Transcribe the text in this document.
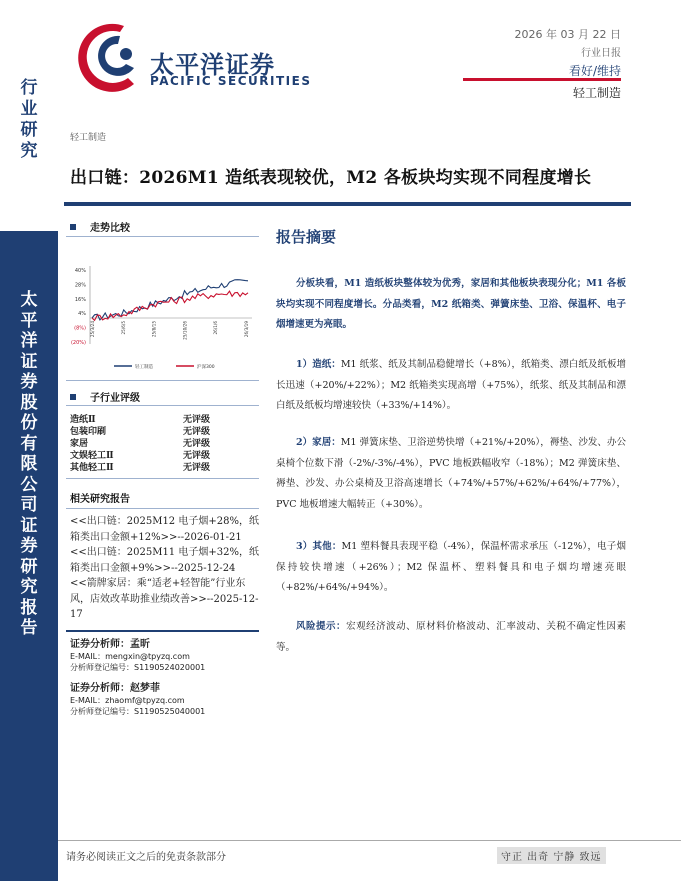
行
业
研
究
太
平
洋
证
券
股
份
有
限
公
司
证
券
研
究
报
告
太平洋证券
PACIFIC SECURITIES
2026 年 03 月 22 日
行业日报
看好/维持
轻工制造
轻工制造
出口链：2026M1 造纸表现较优，M2 各板块均实现不同程度增长
走势比较
40%
28%
16%
4%
(8%)
(20%)
25/3/24	25/6/5	25/8/15	25/10/26	26/1/6	26/3/19
轻工制造	沪深300
子行业评级
造纸Ⅱ	无评级
包装印刷	无评级
家居	无评级
文娱轻工Ⅱ	无评级
其他轻工Ⅱ	无评级
相关研究报告
<<出口链：2025M12 电子烟+28%，纸箱类出口金额+12%>>--2026-01-21
<<出口链：2025M11 电子烟+32%，纸箱类出口金额+9%>>--2025-12-24
<<箭牌家居：乘“适老+轻智能”行业东风，店效改革助推业绩改善>>--2025-12-17
证券分析师：孟昕
E-MAIL：mengxin@tpyzq.com
分析师登记编号：S1190524020001
证券分析师：赵梦菲
E-MAIL：zhaomf@tpyzq.com
分析师登记编号：S1190525040001
报告摘要
分板块看，M1 造纸板块整体较为优秀，家居和其他板块表现分化；M1 各板块均实现不同程度增长。分品类看，M2 纸箱类、弹簧床垫、卫浴、保温杯、电子烟增速更为亮眼。
1）造纸：M1 纸浆、纸及其制品稳健增长（+8%），纸箱类、漂白纸及纸板增长迅速（+20%/+22%）；M2 纸箱类实现高增（+75%），纸浆、纸及其制品和漂白纸及纸板均增速较快（+33%/+14%）。
2）家居：M1 弹簧床垫、卫浴逆势快增（+21%/+20%），褥垫、沙发、办公桌椅个位数下滑（-2%/-3%/-4%），PVC 地板跌幅收窄（-18%）；M2 弹簧床垫、褥垫、沙发、办公桌椅及卫浴高速增长（+74%/+57%/+62%/+64%/+77%），PVC 地板增速大幅转正（+30%）。
3）其他：M1 塑料餐具表现平稳（-4%），保温杯需求承压（-12%），电子烟保持较快增速（+26%）；M2 保温杯、塑料餐具和电子烟均增速亮眼（+82%/+64%/+94%）。
风险提示：宏观经济波动、原材料价格波动、汇率波动、关税不确定性因素等。
请务必阅读正文之后的免责条款部分	守正 出奇 宁静 致远
